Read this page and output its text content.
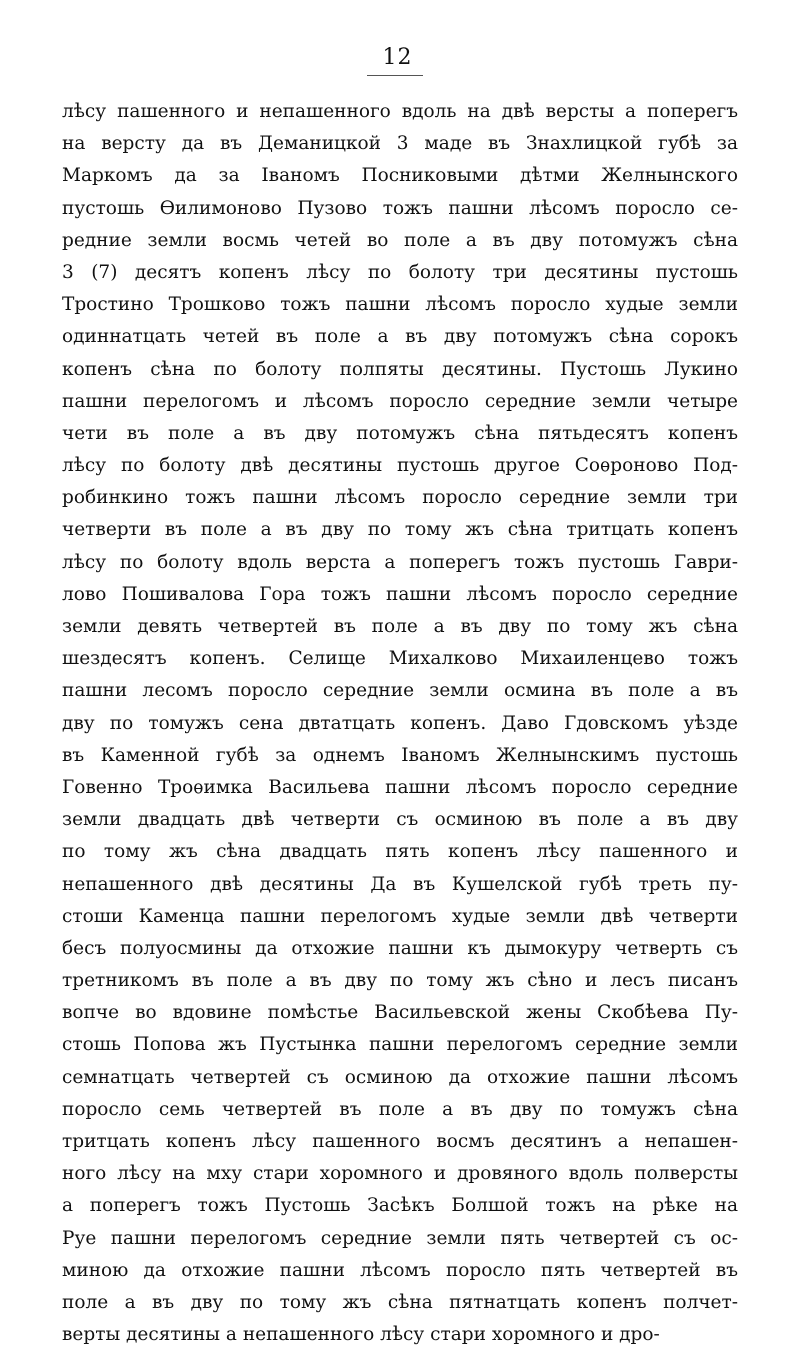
12
лѣсу пашенного и непашенного вдоль на двѣ версты а поперегъ
на версту да въ Деманицкой 3 маде въ Знахлицкой губѣ за
Маркомъ да за Іваномъ Посниковыми дѣтми Желнынского
пустошь Ѳилимоново Пузово тожъ пашни лѣсомъ поросло се-
редние земли восмь четей во поле а въ дву потомужъ сѣна
3 (7) десятъ копенъ лѣсу по болоту три десятины пустошь
Тростино Трошково тожъ пашни лѣсомъ поросло худые земли
одиннатцать четей въ поле а въ дву потомужъ сѣна сорокъ
копенъ сѣна по болоту полпяты десятины. Пустошь Лукино
пашни перелогомъ и лѣсомъ поросло середние земли четыре
чети въ поле а въ дву потомужъ сѣна пятьдесятъ копенъ
лѣсу по болоту двѣ десятины пустошь другое Соѳроново Под-
робинкино тожъ пашни лѣсомъ поросло середние земли три
четверти въ поле а въ дву по тому жъ сѣна тритцать копенъ
лѣсу по болоту вдоль верста а поперегъ тожъ пустошь Гаври-
лово Пошивалова Гора тожъ пашни лѣсомъ поросло середние
земли девять четвертей въ поле а въ дву по тому жъ сѣна
шездесятъ копенъ. Селище Михалково Михаиленцево тожъ
пашни лесомъ поросло середние земли осмина въ поле а въ
дву по томужъ сена двтатцать копенъ. Даво Гдовскомъ уѣзде
въ Каменной губѣ за однемъ Іваномъ Желнынскимъ пустошь
Говенно Троѳимка Васильева пашни лѣсомъ поросло середние
земли двадцать двѣ четверти съ осминою въ поле а въ дву
по тому жъ сѣна двадцать пять копенъ лѣсу пашенного и
непашенного двѣ десятины Да въ Кушелской губѣ треть пу-
стоши Каменца пашни перелогомъ худые земли двѣ четверти
бесъ полуосмины да отхожие пашни къ дымокуру четверть съ
третникомъ въ поле а въ дву по тому жъ сѣно и лесъ писанъ
вопче во вдовине помѣстье Васильевской жены Скобѣева Пу-
стошь Попова жъ Пустынка пашни перелогомъ середние земли
семнатцать четвертей съ осминою да отхожие пашни лѣсомъ
поросло семь четвертей въ поле а въ дву по томужъ сѣна
тритцать копенъ лѣсу пашенного восмъ десятинъ а непашен-
ного лѣсу на мху стари хоромного и дровяного вдоль полверсты
а поперегъ тожъ Пустошь Засѣкъ Болшой тожъ на рѣке на
Руе пашни перелогомъ середние земли пять четвертей съ ос-
миною да отхожие пашни лѣсомъ поросло пять четвертей въ
поле а въ дву по тому жъ сѣна пятнатцать копенъ полчет-
верты десятины а непашенного лѣсу стари хоромного и дро-
